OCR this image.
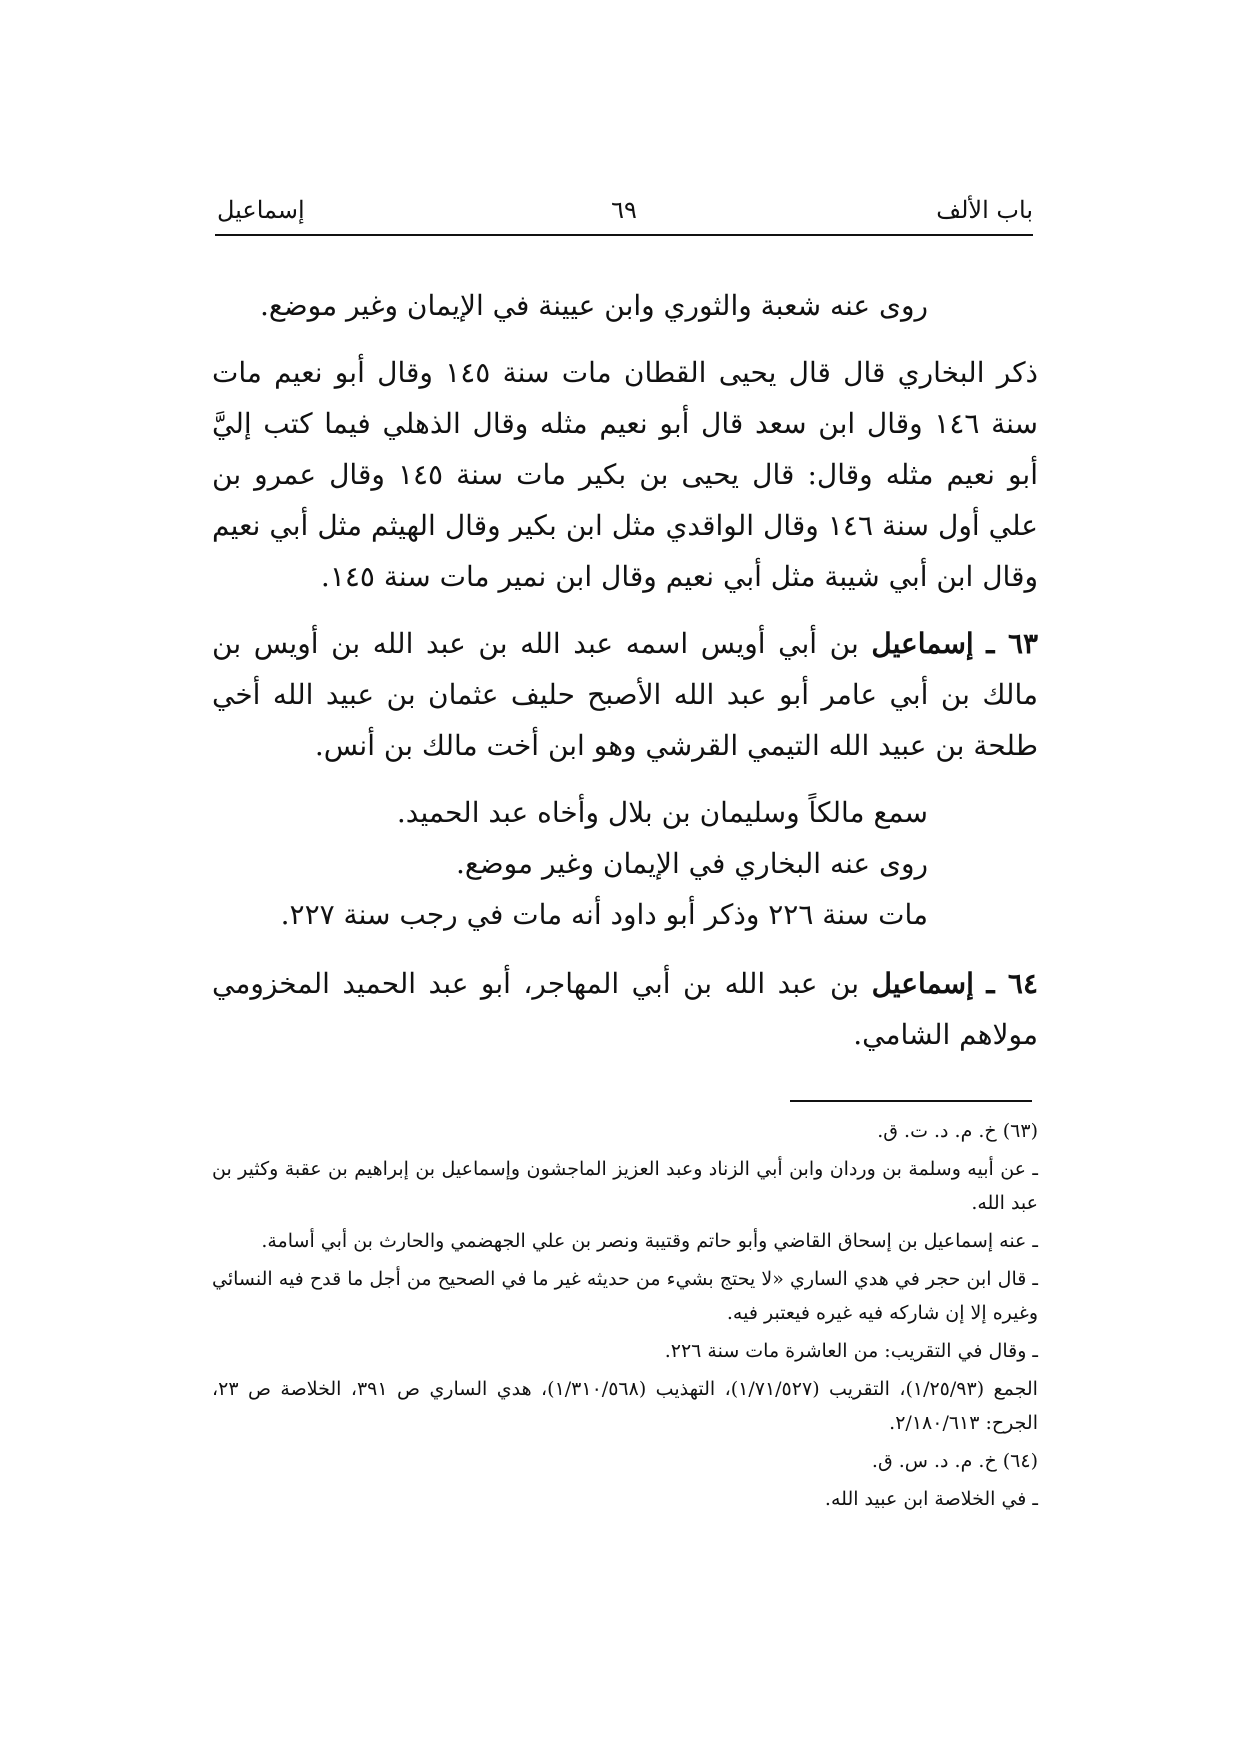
باب الألف
٦٩
إسماعيل

روى عنه شعبة والثوري وابن عيينة في الإيمان وغير موضع.

ذكر البخاري قال قال يحيى القطان مات سنة ١٤٥ وقال أبو نعيم مات سنة ١٤٦ وقال ابن سعد قال أبو نعيم مثله وقال الذهلي فيما كتب إليَّ أبو نعيم مثله وقال: قال يحيى بن بكير مات سنة ١٤٥ وقال عمرو بن علي أول سنة ١٤٦ وقال الواقدي مثل ابن بكير وقال الهيثم مثل أبي نعيم وقال ابن أبي شيبة مثل أبي نعيم وقال ابن نمير مات سنة ١٤٥.

٦٣ ـ إسماعيل بن أبي أويس اسمه عبد الله بن عبد الله بن أويس بن مالك بن أبي عامر أبو عبد الله الأصبح حليف عثمان بن عبيد الله أخي طلحة بن عبيد الله التيمي القرشي وهو ابن أخت مالك بن أنس.

سمع مالكاً وسليمان بن بلال وأخاه عبد الحميد.

روى عنه البخاري في الإيمان وغير موضع.

مات سنة ٢٢٦ وذكر أبو داود أنه مات في رجب سنة ٢٢٧.

٦٤ ـ إسماعيل بن عبد الله بن أبي المهاجر، أبو عبد الحميد المخزومي مولاهم الشامي.

(٦٣) خ. م. د. ت. ق.

ـ عن أبيه وسلمة بن وردان وابن أبي الزناد وعبد العزيز الماجشون وإسماعيل بن إبراهيم بن عقبة وكثير بن عبد الله.

ـ عنه إسماعيل بن إسحاق القاضي وأبو حاتم وقتيبة ونصر بن علي الجهضمي والحارث بن أبي أسامة.

ـ قال ابن حجر في هدي الساري «لا يحتج بشيء من حديثه غير ما في الصحيح من أجل ما قدح فيه النسائي وغيره إلا إن شاركه فيه غيره فيعتبر فيه.

ـ وقال في التقريب: من العاشرة مات سنة ٢٢٦.

الجمع (١/٢٥/٩٣)، التقريب (١/٧١/٥٢٧)، التهذيب (١/٣١٠/٥٦٨)، هدي الساري ص ٣٩١، الخلاصة ص ٢٣، الجرح: ٢/١٨٠/٦١٣.

(٦٤) خ. م. د. س. ق.

ـ في الخلاصة ابن عبيد الله.
